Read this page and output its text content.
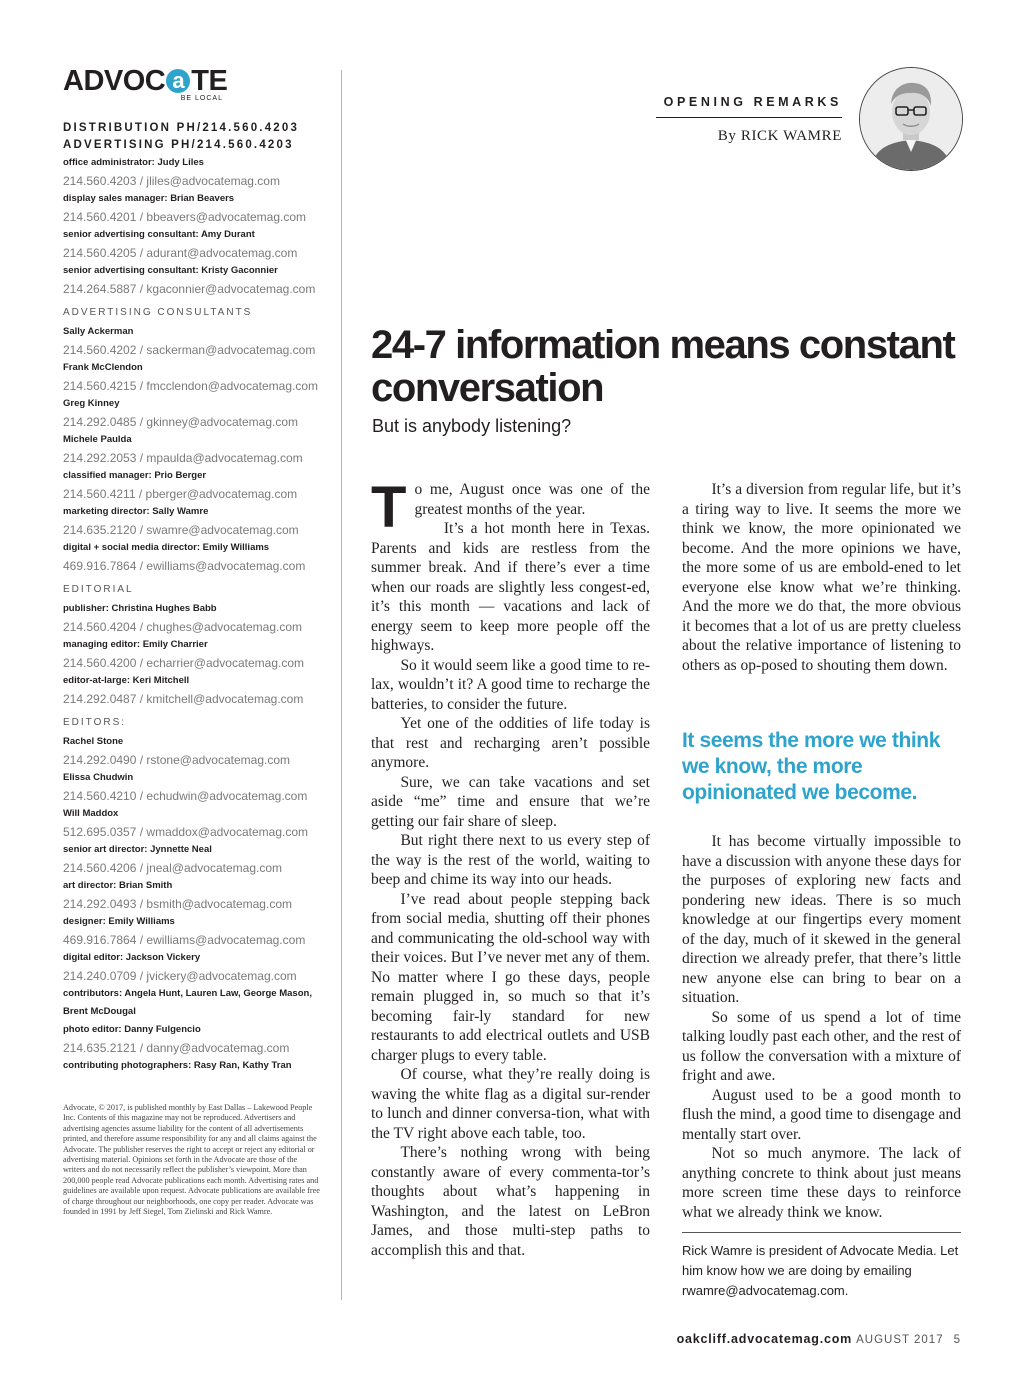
ADVOC a TE
BE LOCAL
DISTRIBUTION PH/214.560.4203
ADVERTISING PH/214.560.4203
office administrator: Judy Liles
214.560.4203 / jliles@advocatemag.com
display sales manager: Brian Beavers
214.560.4201 / bbeavers@advocatemag.com
senior advertising consultant: Amy Durant
214.560.4205 / adurant@advocatemag.com
senior advertising consultant: Kristy Gaconnier
214.264.5887 / kgaconnier@advocatemag.com
ADVERTISING CONSULTANTS
Sally Ackerman
214.560.4202 / sackerman@advocatemag.com
Frank McClendon
214.560.4215 / fmcclendon@advocatemag.com
Greg Kinney
214.292.0485 / gkinney@advocatemag.com
Michele Paulda
214.292.2053 / mpaulda@advocatemag.com
classified manager: Prio Berger
214.560.4211 / pberger@advocatemag.com
marketing director: Sally Wamre
214.635.2120 / swamre@advocatemag.com
digital + social media director: Emily Williams
469.916.7864 / ewilliams@advocatemag.com
EDITORIAL
publisher: Christina Hughes Babb
214.560.4204 / chughes@advocatemag.com
managing editor: Emily Charrier
214.560.4200 / echarrier@advocatemag.com
editor-at-large: Keri Mitchell
214.292.0487 / kmitchell@advocatemag.com
EDITORS:
Rachel Stone
214.292.0490 / rstone@advocatemag.com
Elissa Chudwin
214.560.4210 / echudwin@advocatemag.com
Will Maddox
512.695.0357 / wmaddox@advocatemag.com
senior art director: Jynnette Neal
214.560.4206 / jneal@advocatemag.com
art director: Brian Smith
214.292.0493 / bsmith@advocatemag.com
designer: Emily Williams
469.916.7864 / ewilliams@advocatemag.com
digital editor: Jackson Vickery
214.240.0709 / jvickery@advocatemag.com
contributors: Angela Hunt, Lauren Law, George Mason,
Brent McDougal
photo editor: Danny Fulgencio
214.635.2121 / danny@advocatemag.com
contributing photographers: Rasy Ran, Kathy Tran
Advocate, © 2017, is published monthly by East Dallas – Lakewood People Inc. Contents of this magazine may not be reproduced. Advertisers and advertising agencies assume liability for the content of all advertisements printed, and therefore assume responsibility for any and all claims against the Advocate. The publisher reserves the right to accept or reject any editorial or advertising material. Opinions set forth in the Advocate are those of the writers and do not necessarily reflect the publisher’s viewpoint. More than 200,000 people read Advocate publications each month. Advertising rates and guidelines are available upon request. Advocate publications are available free of charge throughout our neighborhoods, one copy per reader. Advocate was founded in 1991 by Jeff Siegel, Tom Zielinski and Rick Wamre.
OPENING REMARKS
By RICK WAMRE
24-7 information means constant conversation
But is anybody listening?

To me, August once was one of the greatest months of the year.

It’s a hot month here in Texas. Parents and kids are restless from the summer break. And if there’s ever a time when our roads are slightly less congest-ed, it’s this month — vacations and lack of energy seem to keep more people off the highways.

So it would seem like a good time to re-lax, wouldn’t it? A good time to recharge the batteries, to consider the future.

Yet one of the oddities of life today is that rest and recharging aren’t possible anymore.

Sure, we can take vacations and set aside “me” time and ensure that we’re getting our fair share of sleep.

But right there next to us every step of the way is the rest of the world, waiting to beep and chime its way into our heads.

I’ve read about people stepping back from social media, shutting off their phones and communicating the old-school way with their voices. But I’ve never met any of them. No matter where I go these days, people remain plugged in, so much so that it’s becoming fair-ly standard for new restaurants to add electrical outlets and USB charger plugs to every table.

Of course, what they’re really doing is waving the white flag as a digital sur-render to lunch and dinner conversa-tion, what with the TV right above each table, too.

There’s nothing wrong with being constantly aware of every commenta-tor’s thoughts about what’s happening in Washington, and the latest on LeBron James, and those multi-step paths to accomplish this and that.

It’s a diversion from regular life, but it’s a tiring way to live. It seems the more we think we know, the more opinionated we become. And the more opinions we have, the more some of us are embold-ened to let everyone else know what we’re thinking. And the more we do that, the more obvious it becomes that a lot of us are pretty clueless about the relative importance of listening to others as op-posed to shouting them down.

It seems the more we think we know, the more opinionated we become.

It has become virtually impossible to have a discussion with anyone these days for the purposes of exploring new facts and pondering new ideas. There is so much knowledge at our fingertips every moment of the day, much of it skewed in the general direction we already prefer, that there’s little new anyone else can bring to bear on a situation.

So some of us spend a lot of time talking loudly past each other, and the rest of us follow the conversation with a mixture of fright and awe.

August used to be a good month to flush the mind, a good time to disengage and mentally start over.

Not so much anymore. The lack of anything concrete to think about just means more screen time these days to reinforce what we already think we know.

Rick Wamre is president of Advocate Media. Let him know how we are doing by emailing rwamre@advocatemag.com.
oakcliff.advocatemag.com AUGUST 2017 5
